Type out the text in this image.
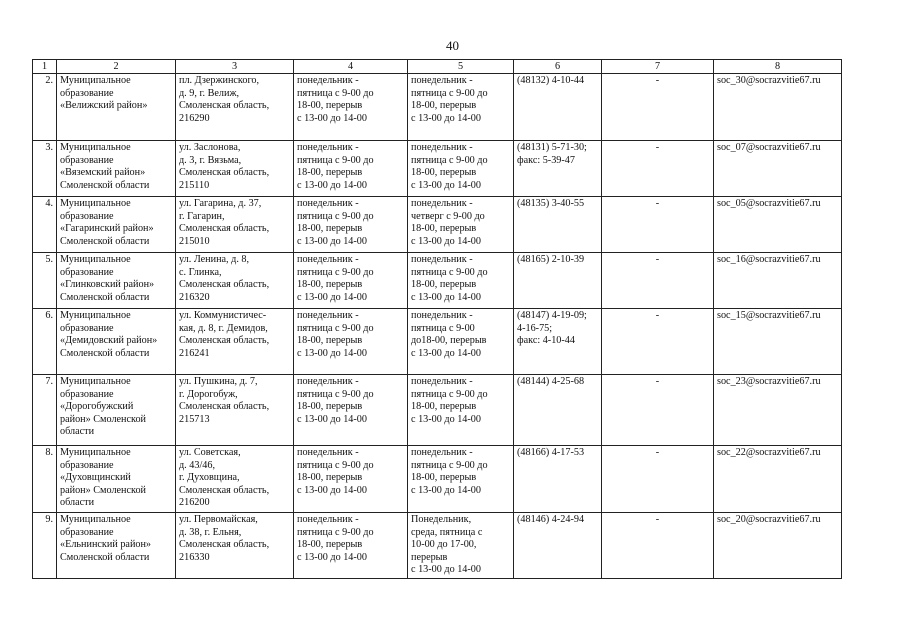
40
1	2	3	4	5	6	7	8
2.	Муниципальное
образование
«Велижский район»	пл. Дзержинского,
д. 9, г. Велиж,
Смоленская область,
216290	понедельник -
пятница с 9-00 до
18-00, перерыв
с 13-00 до 14-00	понедельник -
пятница с 9-00 до
18-00, перерыв
с 13-00 до 14-00	(48132) 4-10-44	-	soc_30@socrazvitie67.ru
3.	Муниципальное
образование
«Вяземский район»
Смоленской области	ул. Заслонова,
д. 3, г. Вязьма,
Смоленская область,
215110	понедельник -
пятница с 9-00 до
18-00, перерыв
с 13-00 до 14-00	понедельник -
пятница с 9-00 до
18-00, перерыв
с 13-00 до 14-00	(48131) 5-71-30;
факс: 5-39-47	-	soc_07@socrazvitie67.ru
4.	Муниципальное
образование
«Гагаринский район»
Смоленской области	ул. Гагарина, д. 37,
г. Гагарин,
Смоленская область,
215010	понедельник -
пятница с 9-00 до
18-00, перерыв
с 13-00 до 14-00	понедельник -
четверг с 9-00 до
18-00, перерыв
с 13-00 до 14-00	(48135) 3-40-55	-	soc_05@socrazvitie67.ru
5.	Муниципальное
образование
«Глинковский район»
Смоленской области	ул. Ленина, д. 8,
с. Глинка,
Смоленская область,
216320	понедельник -
пятница с 9-00 до
18-00, перерыв
с 13-00 до 14-00	понедельник -
пятница с 9-00 до
18-00, перерыв
с 13-00 до 14-00	(48165) 2-10-39	-	soc_16@socrazvitie67.ru
6.	Муниципальное
образование
«Демидовский район»
Смоленской области	ул. Коммунистичес-
кая, д. 8, г. Демидов,
Смоленская область,
216241	понедельник -
пятница с 9-00 до
18-00, перерыв
с 13-00 до 14-00	понедельник -
пятница с 9-00
до18-00, перерыв
с 13-00 до 14-00	(48147) 4-19-09;
4-16-75;
факс: 4-10-44	-	soc_15@socrazvitie67.ru
7.	Муниципальное
образование
«Дорогобужский
район» Смоленской
области	ул. Пушкина, д. 7,
г. Дорогобуж,
Смоленская область,
215713	понедельник -
пятница с 9-00 до
18-00, перерыв
с 13-00 до 14-00	понедельник -
пятница с 9-00 до
18-00, перерыв
с 13-00 до 14-00	(48144) 4-25-68	-	soc_23@socrazvitie67.ru
8.	Муниципальное
образование
«Духовщинский
район» Смоленской
области	ул. Советская,
д. 43/46,
г. Духовщина,
Смоленская область,
216200	понедельник -
пятница с 9-00 до
18-00, перерыв
с 13-00 до 14-00	понедельник -
пятница с 9-00 до
18-00, перерыв
с 13-00 до 14-00	(48166) 4-17-53	-	soc_22@socrazvitie67.ru
9.	Муниципальное
образование
«Ельнинский район»
Смоленской области	ул. Первомайская,
д. 38, г. Ельня,
Смоленская область,
216330	понедельник -
пятница с 9-00 до
18-00, перерыв
с 13-00 до 14-00	Понедельник,
среда, пятница с
10-00 до 17-00,
перерыв
с 13-00 до 14-00	(48146) 4-24-94	-	soc_20@socrazvitie67.ru
